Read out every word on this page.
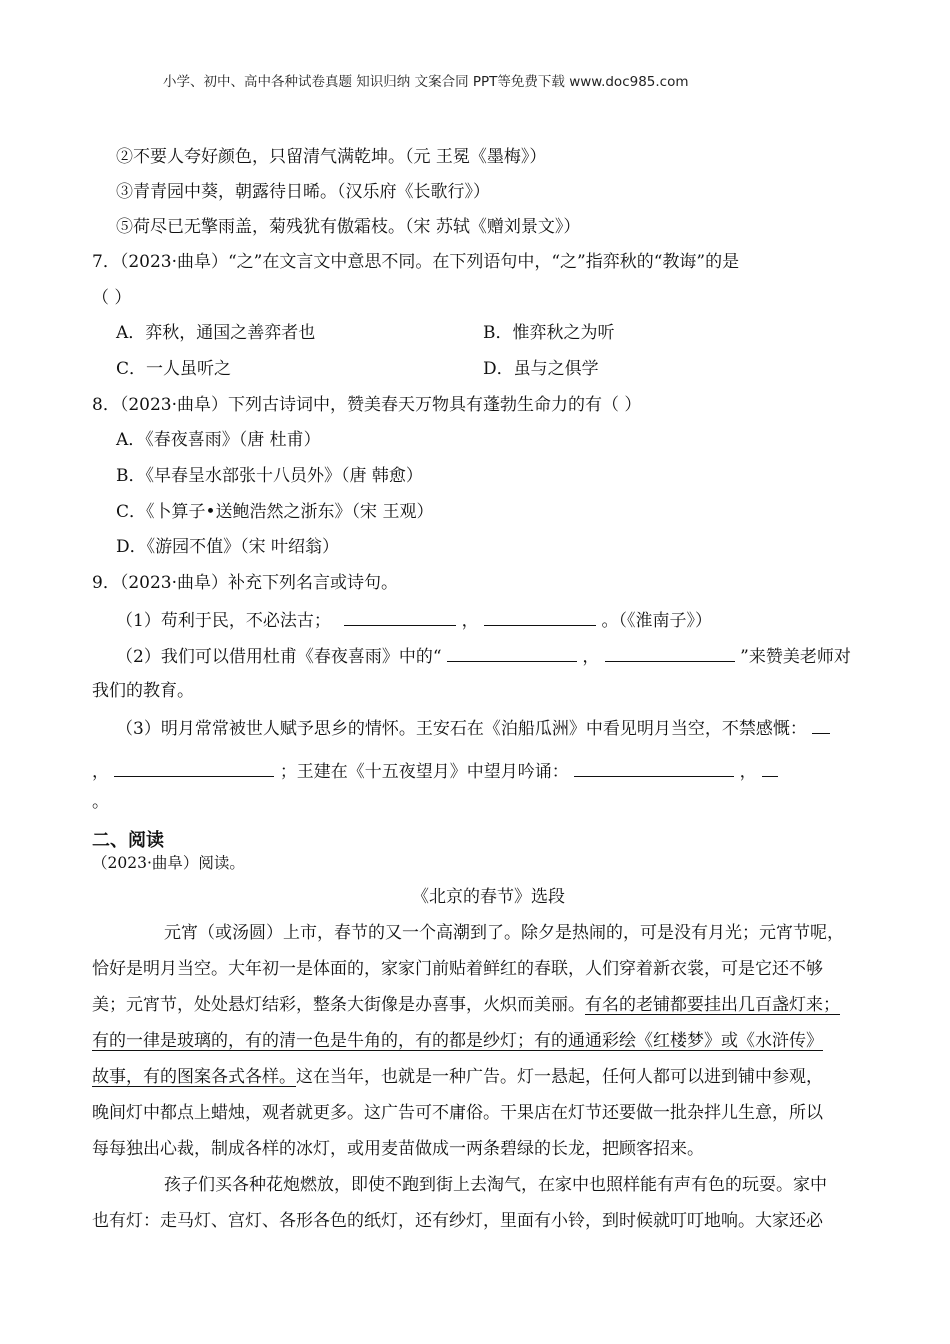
小学、初中、高中各种试卷真题 知识归纳 文案合同 PPT等免费下载 www.doc985.com
②不要人夸好颜色，只留清气满乾坤。（元 王冕《墨梅》）
③青青园中葵，朝露待日晞。（汉乐府《长歌行》）
⑤荷尽已无擎雨盖，菊残犹有傲霜枝。（宋 苏轼《赠刘景文》）
7．（2023·曲阜）“之”在文言文中意思不同。在下列语句中，“之”指弈秋的“教诲”的是
（ ）
A．弈秋，通国之善弈者也	B．惟弈秋之为听
C．一人虽听之	D．虽与之俱学
8．（2023·曲阜）下列古诗词中，赞美春天万物具有蓬勃生命力的有（ ）
A．《春夜喜雨》（唐 杜甫）
B．《早春呈水部张十八员外》（唐 韩愈）
C．《卜算子•送鲍浩然之浙东》（宋 王观）
D．《游园不值》（宋 叶绍翁）
9．（2023·曲阜）补充下列名言或诗句。
（1）苟利于民，不必法古；	，	。（《淮南子》）
（2）我们可以借用杜甫《春夜喜雨》中的“	，	”来赞美老师对
我们的教育。
（3）明月常常被世人赋予思乡的情怀。王安石在《泊船瓜洲》中看见明月当空，不禁感慨：
，	；王建在《十五夜望月》中望月吟诵：	，
。
二、阅读
（2023·曲阜）阅读。
《北京的春节》选段
元宵（或汤圆）上市，春节的又一个高潮到了。除夕是热闹的，可是没有月光；元宵节呢，
恰好是明月当空。大年初一是体面的，家家门前贴着鲜红的春联，人们穿着新衣裳，可是它还不够
美；元宵节，处处悬灯结彩，整条大街像是办喜事，火炽而美丽。有名的老铺都要挂出几百盏灯来；
有的一律是玻璃的，有的清一色是牛角的，有的都是纱灯；有的通通彩绘《红楼梦》或《水浒传》
故事，有的图案各式各样。这在当年，也就是一种广告。灯一悬起，任何人都可以进到铺中参观，
晚间灯中都点上蜡烛，观者就更多。这广告可不庸俗。干果店在灯节还要做一批杂拌儿生意，所以
每每独出心裁，制成各样的冰灯，或用麦苗做成一两条碧绿的长龙，把顾客招来。
孩子们买各种花炮燃放，即使不跑到街上去淘气，在家中也照样能有声有色的玩耍。家中
也有灯：走马灯、宫灯、各形各色的纸灯，还有纱灯，里面有小铃，到时候就叮叮地响。大家还必
